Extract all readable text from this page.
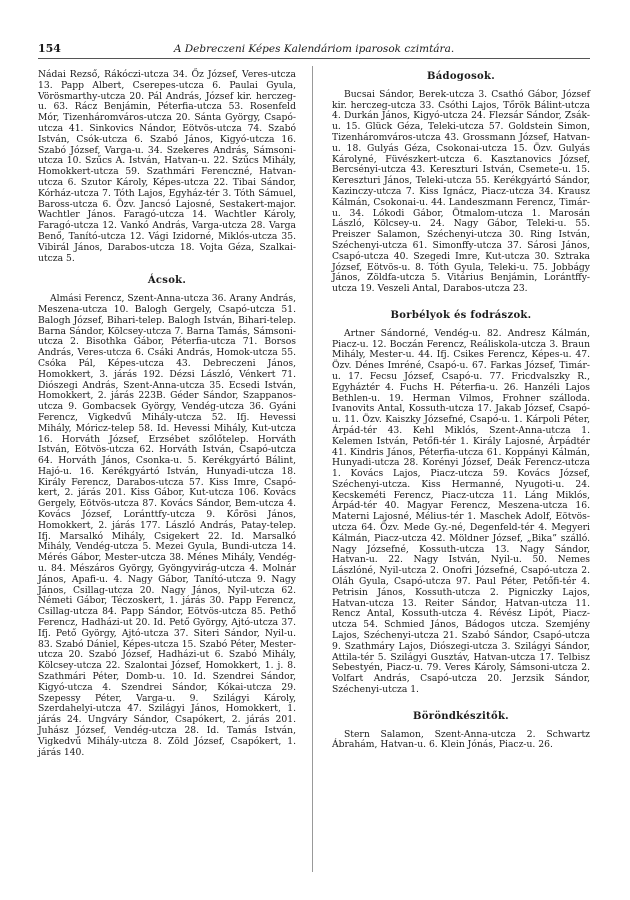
154	A Debreczeni Képes Kalendáriom iparosok czimtára.

Nádai Rezső, Rákóczi-utcza 34. Őz József, Veres-utcza 13. Papp Albert, Cserepes-utcza 6. Paulai Gyula, Vörösmarthy-utcza 20. Pál András, József kir. herczeg-u. 63. Rácz Benjámin, Péterfia-utcza 53. Rosenfeld Mór, Tizenháromváros-utcza 20. Sánta György, Csapó-utcza 41. Sinkovics Nándor, Eötvös-utcza 74. Szabó István, Csók-utcza 6. Szabó János, Kigyó-utcza 16. Szabó József, Varga-u. 34. Szekeres András, Sámsoni-utcza 10. Szűcs A. István, Hatvan-u. 22. Szűcs Mihály, Homokkert-utcza 59. Szathmári Ferenczné, Hatvan-utcza 6. Szutor Károly, Képes-utcza 22. Tibai Sándor, Kórház-utcza 7. Tóth Lajos, Egyház-tér 3. Tóth Sámuel, Baross-utcza 6. Özv. Jancsó Lajosné, Sestakert-major. Wachtler János. Faragó-utcza 14. Wachtler Károly, Faragó-utcza 12. Vankó András, Varga-utcza 28. Varga Benő, Tanító-utcza 12. Vági Izidorné, Miklós-utcza 35. Vibirál János, Darabos-utcza 18. Vojta Géza, Szalkai-utcza 5.

Ácsok.

Almási Ferencz, Szent-Anna-utcza 36. Arany András, Meszena-utcza 10. Balogh Gergely, Csapó-utcza 51. Balogh József, Bihari-telep. Balogh István, Bihari-telep. Barna Sándor, Kölcsey-utcza 7. Barna Tamás, Sámsoni-utcza 2. Bisothka Gábor, Péterfia-utcza 71. Borsos András, Veres-utcza 6. Csáki András, Homok-utcza 55. Csóka Pál, Képes-utcza 43. Debreczeni János, Homokkert, 3. járás 192. Dézsi László, Vénkert 71. Diószegi András, Szent-Anna-utcza 35. Ecsedi István, Homokkert, 2. járás 223B. Géder Sándor, Szappanos-utcza 9. Gombacsek György, Vendég-utcza 36. Gyáni Ferencz, Vigkedvű Mihály-utcza 52. Ifj. Hevessi Mihály, Móricz-telep 58. Id. Hevessi Mihály, Kut-utcza 16. Horváth József, Erzsébet szőlőtelep. Horváth István, Eötvös-utcza 62. Horváth István, Csapó-utcza 64. Horváth János, Csonka-u. 5. Kerékgyártó Bálint, Hajó-u. 16. Kerékgyártó István, Hunyadi-utcza 18. Király Ferencz, Darabos-utcza 57. Kiss Imre, Csapó-kert, 2. járás 201. Kiss Gábor, Kut-utcza 106. Kovács Gergely, Eötvös-utcza 87. Kovács Sándor, Bem-utcza 4. Kovács József, Loránttfy-utcza 9. Kőrösi János, Homokkert, 2. járás 177. László András, Patay-telep. Ifj. Marsalkó Mihály, Csigekert 22. Id. Marsalkó Mihály, Vendég-utcza 5. Mezei Gyula, Bundi-utcza 14. Mérés Gábor, Mester-utcza 38. Ménes Mihály, Vendég-u. 84. Mészáros György, Gyöngyvirág-utcza 4. Molnár János, Apafi-u. 4. Nagy Gábor, Tanító-utcza 9. Nagy János, Csillag-utcza 20. Nagy János, Nyil-utcza 62. Németi Gábor, Téczoskert, 1. járás 30. Papp Ferencz, Csillag-utcza 84. Papp Sándor, Eötvös-utcza 85. Pethő Ferencz, Hadházi-ut 20. Id. Pető György, Ajtó-utcza 37. Ifj. Pető György, Ajtó-utcza 37. Siteri Sándor, Nyil-u. 83. Szabó Dániel, Képes-utcza 15. Szabó Péter, Mester-utcza 20. Szabó József, Hadházi-ut 6. Szabó Mihály, Kölcsey-utcza 22. Szalontai József, Homokkert, 1. j. 8. Szathmári Péter, Domb-u. 10. Id. Szendrei Sándor, Kigyó-utcza 4. Szendrei Sándor, Kókai-utcza 29. Szepessy Péter, Varga-u. 9. Szilágyi Károly, Szerdahelyi-utcza 47. Szilágyi János, Homokkert, 1. járás 24. Ungváry Sándor, Csapókert, 2. járás 201. Juhász József, Vendég-utcza 28. Id. Tamás István, Vigkedvű Mihály-utcza 8. Zöld József, Csapókert, 1. járás 140.

Bádogosok.

Bucsai Sándor, Berek-utcza 3. Csathó Gábor, József kir. herczeg-utcza 33. Csóthi Lajos, Tőrök Bálint-utcza 4. Durkán János, Kigyó-utcza 24. Flezsár Sándor, Zsák-u. 15. Glück Géza, Teleki-utcza 57. Goldstein Simon, Tizenháromváros-utcza 43. Grossmann József, Hatvan-u. 18. Gulyás Géza, Csokonai-utcza 15. Özv. Gulyás Károlyné, Füvészkert-utcza 6. Kasztanovics József, Bercsényi-utcza 43. Kereszturi István, Csemete-u. 15. Kereszturi János, Teleki-utcza 55. Kerékgyártó Sándor, Kazinczy-utcza 7. Kiss Ignácz, Piacz-utcza 34. Krausz Kálmán, Csokonai-u. 44. Landeszmann Ferencz, Timár-u. 34. Lókodi Gábor, Ötmalom-utcza 1. Marosán László, Kölcsey-u. 24. Nagy Gábor, Teleki-u. 55. Preiszer Salamon, Széchenyi-utcza 30. Ring István, Széchenyi-utcza 61. Simonffy-utcza 37. Sárosi János, Csapó-utcza 40. Szegedi Imre, Kut-utcza 30. Sztraka József, Eötvös-u. 8. Tóth Gyula, Teleki-u. 75. Jobbágy János, Zöldfa-utcza 5. Vitárius Benjámin, Lorántffy-utcza 19. Veszeli Antal, Darabos-utcza 23.

Borbélyok és fodrászok.

Artner Sándorné, Vendég-u. 82. Andresz Kálmán, Piacz-u. 12. Boczán Ferencz, Reáliskola-utcza 3. Braun Mihály, Mester-u. 44. Ifj. Csikes Ferencz, Képes-u. 47. Özv. Dénes Imréné, Csapó-u. 67. Farkas József, Timár-u. 17. Fecsu József, Csapó-u. 77. Fricdvalszky R., Egyháztér 4. Fuchs H. Péterfia-u. 26. Hanzéli Lajos Bethlen-u. 19. Herman Vilmos, Frohner szálloda. Ivanovits Antal, Kossuth-utcza 17. Jakab József, Csapó-u. 11. Özv. Kaiszky Józsefné, Csapó-u. 1. Kárpoli Péter, Árpád-tér 43. Kehl Miklós, Szent-Anna-utcza 1. Kelemen István, Petőfi-tér 1. Király Lajosné, Árpádtér 41. Kindris János, Péterfia-utcza 61. Koppányi Kálmán, Hunyadi-utcza 28. Korényi József, Deák Ferencz-utcza 1. Kovács Lajos, Piacz-utcza 59. Kovács József, Széchenyi-utcza. Kiss Hermanné, Nyugoti-u. 24. Kecskeméti Ferencz, Piacz-utcza 11. Láng Miklós, Árpád-tér 40. Magyar Ferencz, Meszena-utcza 16. Materni Lajosné, Mélius-tér 1. Maschek Adolf, Eötvös-utcza 64. Özv. Mede Gy.-né, Degenfeld-tér 4. Megyeri Kálmán, Piacz-utcza 42. Möldner József, „Bika” szálló. Nagy Józsefné, Kossuth-utcza 13. Nagy Sándor, Hatvan-u. 22. Nagy István, Nyil-u. 50. Nemes Lászlóné, Nyil-utcza 2. Onofri Józsefné, Csapó-utcza 2. Oláh Gyula, Csapó-utcza 97. Paul Péter, Petőfi-tér 4. Petrisin János, Kossuth-utcza 2. Pigniczky Lajos, Hatvan-utcza 13. Reiter Sándor, Hatvan-utcza 11. Rencz Antal, Kossuth-utcza 4. Révész Lipót, Piacz-utcza 54. Schmied János, Bádogos utcza. Szemjény Lajos, Széchenyi-utcza 21. Szabó Sándor, Csapó-utcza 9. Szathmáry Lajos, Diószegi-utcza 3. Szilágyi Sándor, Attila-tér 5. Szilágyi Gusztáv, Hatvan-utcza 17. Telbisz Sebestyén, Piacz-u. 79. Veres Károly, Sámsoni-utcza 2. Volfart András, Csapó-utcza 20. Jerzsik Sándor, Széchenyi-utcza 1.

Böröndkészitők.

Stern Salamon, Szent-Anna-utcza 2. Schwartz Ábrahám, Hatvan-u. 6. Klein Jónás, Piacz-u. 26.
